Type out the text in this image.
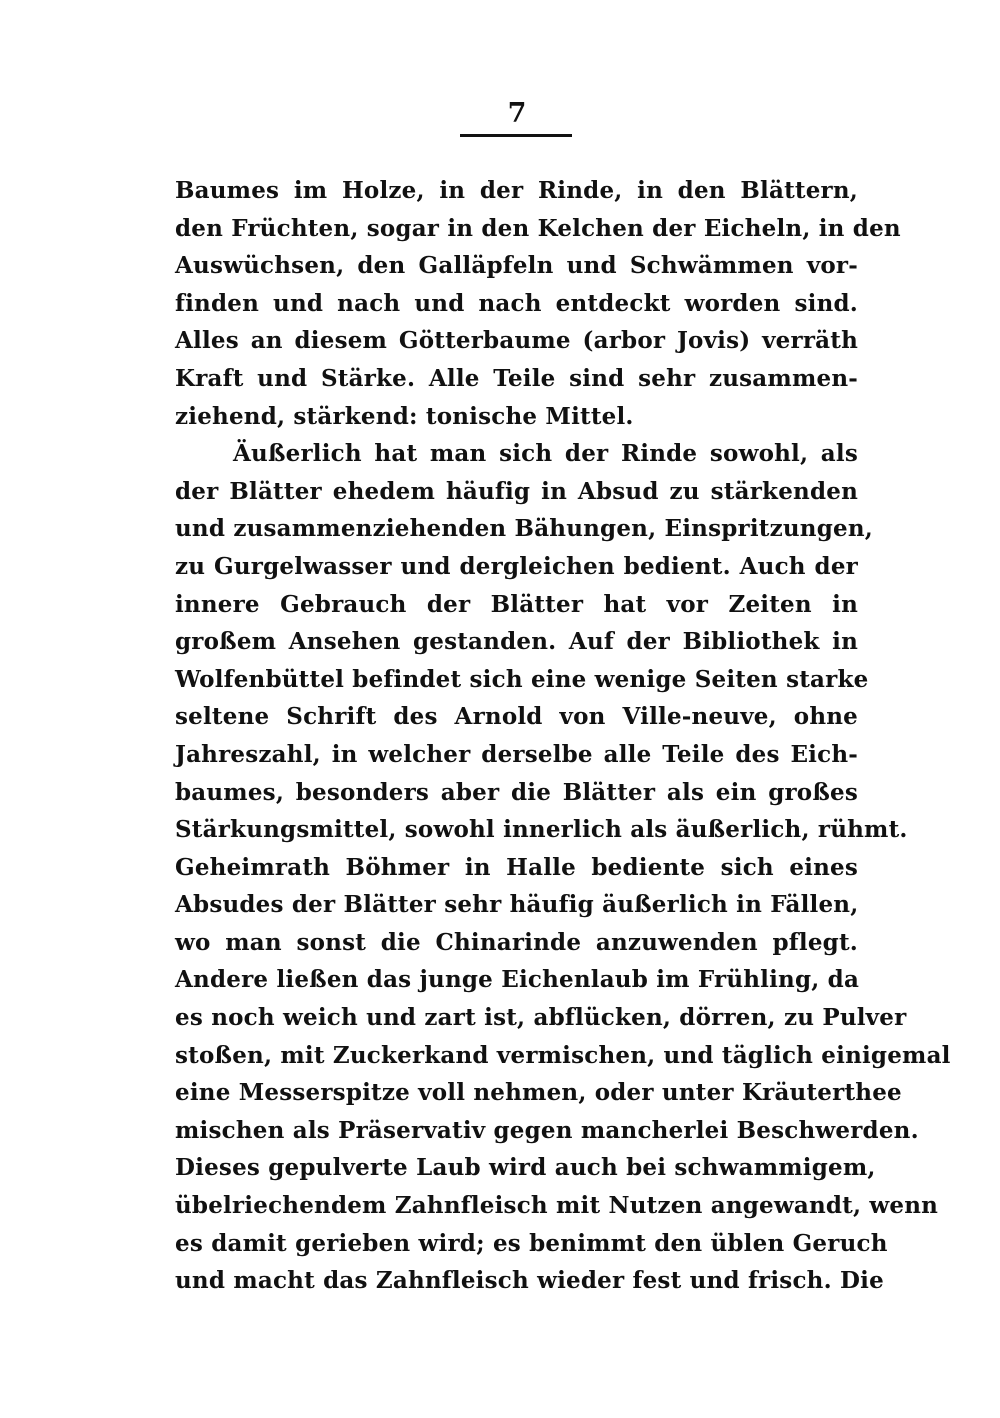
7
Baumes im Holze, in der Rinde, in den Blättern,
den Früchten, sogar in den Kelchen der Eicheln, in den
Auswüchsen, den Galläpfeln und Schwämmen vor-
finden und nach und nach entdeckt worden sind.
Alles an diesem Götterbaume (arbor Jovis) verräth
Kraft und Stärke. Alle Teile sind sehr zusammen-
ziehend, stärkend: tonische Mittel.
Äußerlich hat man sich der Rinde sowohl, als
der Blätter ehedem häufig in Absud zu stärkenden
und zusammenziehenden Bähungen, Einspritzungen,
zu Gurgelwasser und dergleichen bedient. Auch der
innere Gebrauch der Blätter hat vor Zeiten in
großem Ansehen gestanden. Auf der Bibliothek in
Wolfenbüttel befindet sich eine wenige Seiten starke
seltene Schrift des Arnold von Ville-neuve, ohne
Jahreszahl, in welcher derselbe alle Teile des Eich-
baumes, besonders aber die Blätter als ein großes
Stärkungsmittel, sowohl innerlich als äußerlich, rühmt.
Geheimrath Böhmer in Halle bediente sich eines
Absudes der Blätter sehr häufig äußerlich in Fällen,
wo man sonst die Chinarinde anzuwenden pflegt.
Andere ließen das junge Eichenlaub im Frühling, da
es noch weich und zart ist, abflücken, dörren, zu Pulver
stoßen, mit Zuckerkand vermischen, und täglich einigemal
eine Messerspitze voll nehmen, oder unter Kräuterthee
mischen als Präservativ gegen mancherlei Beschwerden.
Dieses gepulverte Laub wird auch bei schwammigem,
übelriechendem Zahnfleisch mit Nutzen angewandt, wenn
es damit gerieben wird; es benimmt den üblen Geruch
und macht das Zahnfleisch wieder fest und frisch. Die
